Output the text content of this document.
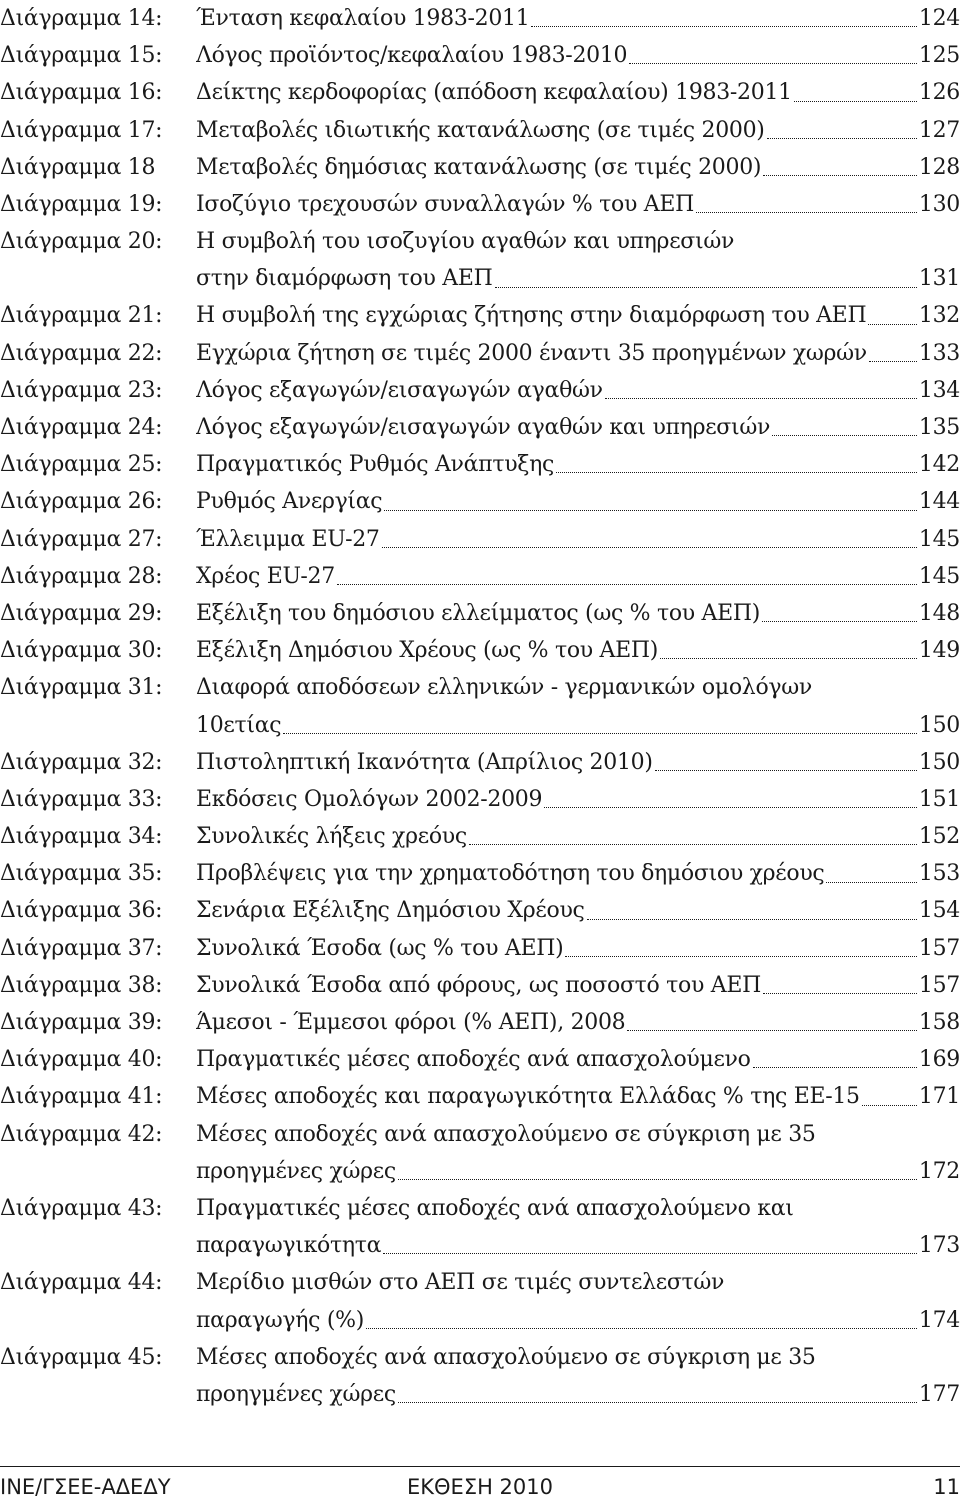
Διάγραμμα 14:	Ένταση κεφαλαίου 1983-2011	124
Διάγραμμα 15:	Λόγος προϊόντος/κεφαλαίου 1983-2010	125
Διάγραμμα 16:	Δείκτης κερδοφορίας (απόδοση κεφαλαίου) 1983-2011	126
Διάγραμμα 17:	Μεταβολές ιδιωτικής κατανάλωσης (σε τιμές 2000)	127
Διάγραμμα 18	Μεταβολές δημόσιας κατανάλωσης (σε τιμές 2000)	128
Διάγραμμα 19:	Ισοζύγιο τρεχουσών συναλλαγών % του ΑΕΠ	130
Διάγραμμα 20:	Η συμβολή του ισοζυγίου αγαθών και υπηρεσιών
στην διαμόρφωση του ΑΕΠ	131
Διάγραμμα 21:	Η συμβολή της εγχώριας ζήτησης στην διαμόρφωση του ΑΕΠ 132
Διάγραμμα 22:	Εγχώρια ζήτηση σε τιμές 2000 έναντι 35 προηγμένων χωρών 133
Διάγραμμα 23:	Λόγος εξαγωγών/εισαγωγών αγαθών	134
Διάγραμμα 24:	Λόγος εξαγωγών/εισαγωγών αγαθών και υπηρεσιών	135
Διάγραμμα 25:	Πραγματικός Ρυθμός Ανάπτυξης	142
Διάγραμμα 26:	Ρυθμός Ανεργίας	144
Διάγραμμα 27:	Έλλειμμα EU-27	145
Διάγραμμα 28:	Χρέος EU-27	145
Διάγραμμα 29:	Εξέλιξη του δημόσιου ελλείμματος (ως % του ΑΕΠ)	148
Διάγραμμα 30:	Εξέλιξη Δημόσιου Χρέους (ως % του ΑΕΠ)	149
Διάγραμμα 31:	Διαφορά αποδόσεων ελληνικών - γερμανικών ομολόγων
10ετίας	150
Διάγραμμα 32:	Πιστοληπτική Ικανότητα (Απρίλιος 2010)	150
Διάγραμμα 33:	Εκδόσεις Ομολόγων 2002-2009	151
Διάγραμμα 34:	Συνολικές λήξεις χρεόυς	152
Διάγραμμα 35:	Προβλέψεις για την χρηματοδότηση του δημόσιου χρέους	153
Διάγραμμα 36:	Σενάρια Εξέλιξης Δημόσιου Χρέους	154
Διάγραμμα 37:	Συνολικά Έσοδα (ως % του ΑΕΠ)	157
Διάγραμμα 38:	Συνολικά Έσοδα από φόρους, ως ποσοστό του ΑΕΠ	157
Διάγραμμα 39:	Άμεσοι - Έμμεσοι φόροι (% ΑΕΠ), 2008	158
Διάγραμμα 40:	Πραγματικές μέσες αποδοχές ανά απασχολούμενο	169
Διάγραμμα 41:	Μέσες αποδοχές και παραγωγικότητα Ελλάδας % της ΕΕ-15	171
Διάγραμμα 42:	Μέσες αποδοχές ανά απασχολούμενο σε σύγκριση με 35
προηγμένες χώρες	172
Διάγραμμα 43:	Πραγματικές μέσες αποδοχές ανά απασχολούμενο και
παραγωγικότητα	173
Διάγραμμα 44:	Μερίδιο μισθών στο ΑΕΠ σε τιμές συντελεστών
παραγωγής (%)	174
Διάγραμμα 45:	Μέσες αποδοχές ανά απασχολούμενο σε σύγκριση με 35
προηγμένες χώρες	177
ΙΝΕ/ΓΣΕΕ-ΑΔΕΔΥ	ΕΚΘΕΣΗ 2010	11
